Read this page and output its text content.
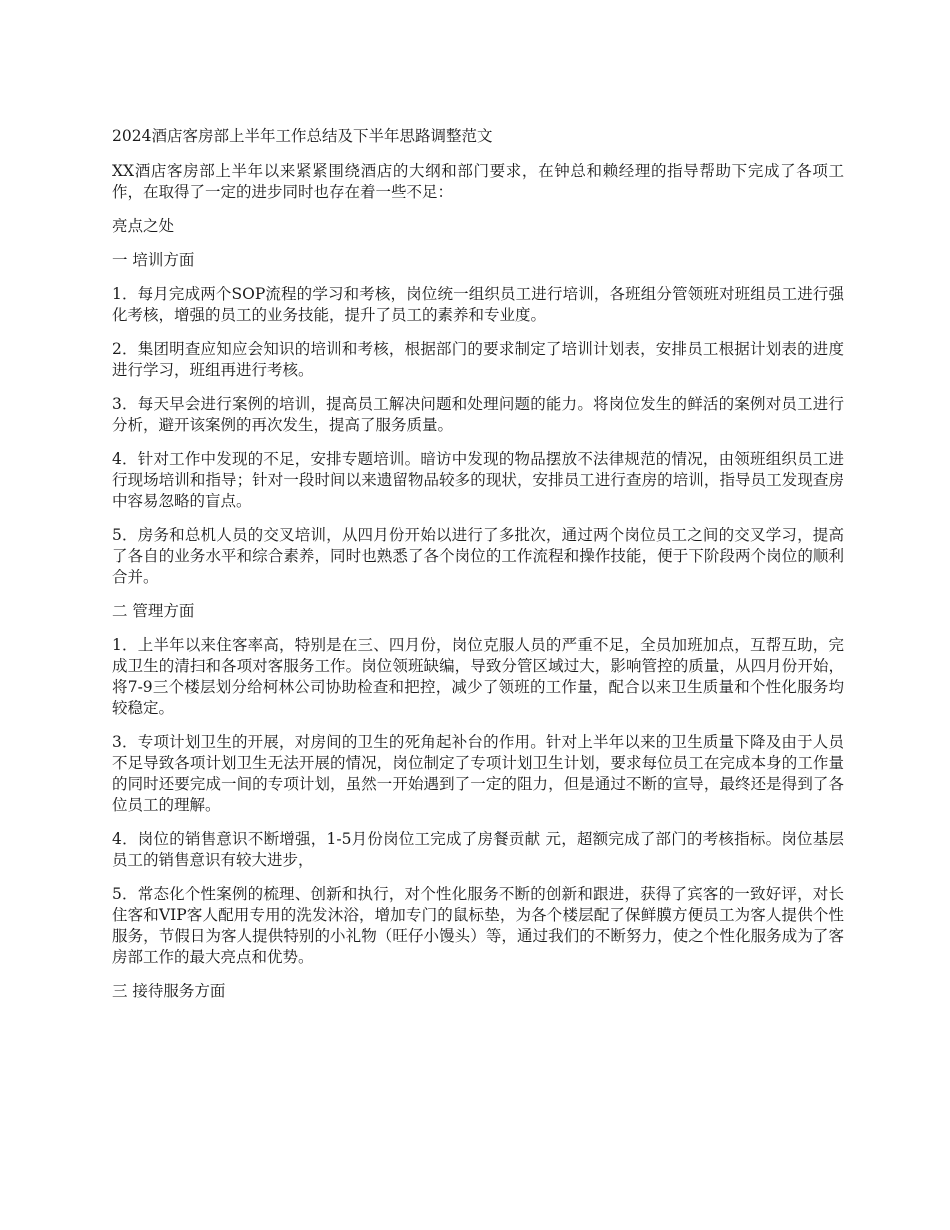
2024酒店客房部上半年工作总结及下半年思路调整范文

XX酒店客房部上半年以来紧紧围绕酒店的大纲和部门要求，在钟总和赖经理的指导帮助下完成了各项工作，在取得了一定的进步同时也存在着一些不足：

亮点之处

一 培训方面

1．每月完成两个SOP流程的学习和考核，岗位统一组织员工进行培训，各班组分管领班对班组员工进行强化考核，增强的员工的业务技能，提升了员工的素养和专业度。

2．集团明查应知应会知识的培训和考核，根据部门的要求制定了培训计划表，安排员工根据计划表的进度进行学习，班组再进行考核。

3．每天早会进行案例的培训，提高员工解决问题和处理问题的能力。将岗位发生的鲜活的案例对员工进行分析，避开该案例的再次发生，提高了服务质量。

4．针对工作中发现的不足，安排专题培训。暗访中发现的物品摆放不法律规范的情况，由领班组织员工进行现场培训和指导；针对一段时间以来遗留物品较多的现状，安排员工进行查房的培训，指导员工发现查房中容易忽略的盲点。

5．房务和总机人员的交叉培训，从四月份开始以进行了多批次，通过两个岗位员工之间的交叉学习，提高了各自的业务水平和综合素养，同时也熟悉了各个岗位的工作流程和操作技能，便于下阶段两个岗位的顺利合并。

二 管理方面

1．上半年以来住客率高，特别是在三、四月份，岗位克服人员的严重不足，全员加班加点，互帮互助，完成卫生的清扫和各项对客服务工作。岗位领班缺编，导致分管区域过大，影响管控的质量，从四月份开始，将7-9三个楼层划分给柯林公司协助检查和把控，减少了领班的工作量，配合以来卫生质量和个性化服务均较稳定。

3．专项计划卫生的开展，对房间的卫生的死角起补台的作用。针对上半年以来的卫生质量下降及由于人员不足导致各项计划卫生无法开展的情况，岗位制定了专项计划卫生计划，要求每位员工在完成本身的工作量的同时还要完成一间的专项计划，虽然一开始遇到了一定的阻力，但是通过不断的宣导，最终还是得到了各位员工的理解。

4．岗位的销售意识不断增强，1-5月份岗位工完成了房餐贡献 元，超额完成了部门的考核指标。岗位基层员工的销售意识有较大进步，

5．常态化个性案例的梳理、创新和执行，对个性化服务不断的创新和跟进，获得了宾客的一致好评，对长住客和VIP客人配用专用的洗发沐浴，增加专门的鼠标垫，为各个楼层配了保鲜膜方便员工为客人提供个性服务，节假日为客人提供特别的小礼物（旺仔小馒头）等，通过我们的不断努力，使之个性化服务成为了客房部工作的最大亮点和优势。

三 接待服务方面
